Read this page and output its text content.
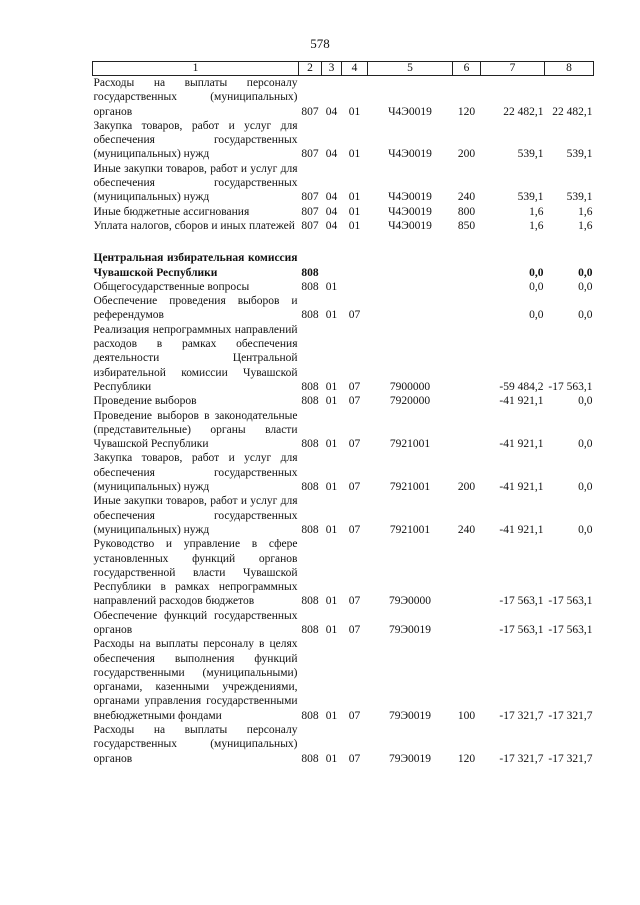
578
1	2	3	4	5	6	7	8
Расходы на выплаты персоналу государственных (муниципальных) органов	807	04	01	Ч4Э0019	120	22 482,1	22 482,1
Закупка товаров, работ и услуг для обеспечения государственных (муниципальных) нужд	807	04	01	Ч4Э0019	200	539,1	539,1
Иные закупки товаров, работ и услуг для обеспечения государственных (муниципальных) нужд	807	04	01	Ч4Э0019	240	539,1	539,1
Иные бюджетные ассигнования	807	04	01	Ч4Э0019	800	1,6	1,6
Уплата налогов, сборов и иных платежей	807	04	01	Ч4Э0019	850	1,6	1,6

Центральная избирательная комиссия Чувашской Республики	808					0,0	0,0
Общегосударственные вопросы	808	01				0,0	0,0
Обеспечение проведения выборов и референдумов	808	01	07			0,0	0,0
Реализация непрограммных направлений расходов в рамках обеспечения деятельности Центральной избирательной комиссии Чувашской Республики	808	01	07	7900000		-59 484,2	-17 563,1
Проведение выборов	808	01	07	7920000		-41 921,1	0,0
Проведение выборов в законодательные (представительные) органы власти Чувашской Республики	808	01	07	7921001		-41 921,1	0,0
Закупка товаров, работ и услуг для обеспечения государственных (муниципальных) нужд	808	01	07	7921001	200	-41 921,1	0,0
Иные закупки товаров, работ и услуг для обеспечения государственных (муниципальных) нужд	808	01	07	7921001	240	-41 921,1	0,0
Руководство и управление в сфере установленных функций органов государственной власти Чувашской Республики в рамках непрограммных направлений расходов бюджетов	808	01	07	79Э0000		-17 563,1	-17 563,1
Обеспечение функций государственных органов	808	01	07	79Э0019		-17 563,1	-17 563,1
Расходы на выплаты персоналу в целях обеспечения выполнения функций государственными (муниципальными) органами, казенными учреждениями, органами управления государственными внебюджетными фондами	808	01	07	79Э0019	100	-17 321,7	-17 321,7
Расходы на выплаты персоналу государственных (муниципальных) органов	808	01	07	79Э0019	120	-17 321,7	-17 321,7
